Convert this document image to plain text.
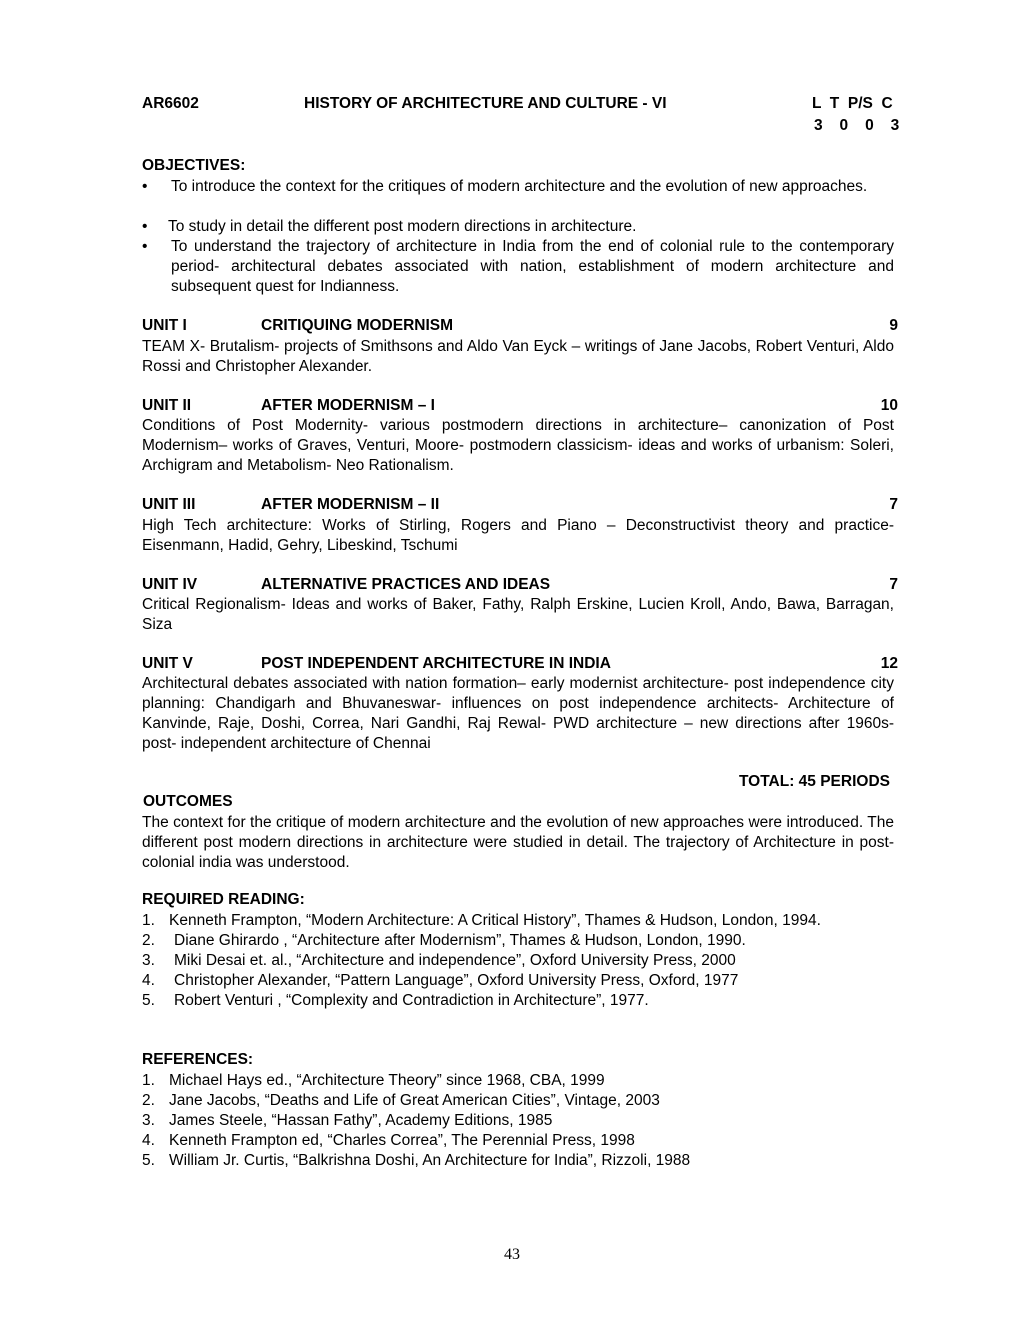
AR6602	HISTORY OF ARCHITECTURE AND CULTURE - VI	L  T  P/S  C
3   0   0   3
OBJECTIVES:
• To introduce the context for the critiques of modern architecture and the evolution of new approaches.
• To study in detail the different post modern directions in architecture.
• To understand the trajectory of architecture in India from the end of colonial rule to the contemporary period- architectural debates associated with nation, establishment of modern architecture and subsequent quest for Indianness.
UNIT I	CRITIQUING MODERNISM	9
TEAM X- Brutalism- projects of Smithsons and Aldo Van Eyck – writings of Jane Jacobs, Robert Venturi, Aldo Rossi and Christopher Alexander.
UNIT II	AFTER MODERNISM – I	10
Conditions of Post Modernity- various postmodern directions in architecture– canonization of Post Modernism– works of Graves, Venturi, Moore- postmodern classicism- ideas and works of urbanism: Soleri, Archigram and Metabolism- Neo Rationalism.
UNIT III	AFTER MODERNISM – II	7
High Tech architecture: Works of Stirling, Rogers and Piano – Deconstructivist theory and practice- Eisenmann, Hadid, Gehry, Libeskind, Tschumi
UNIT IV	ALTERNATIVE PRACTICES AND IDEAS	7
Critical Regionalism- Ideas and works of Baker, Fathy, Ralph Erskine, Lucien Kroll, Ando, Bawa, Barragan, Siza
UNIT V	POST INDEPENDENT ARCHITECTURE IN INDIA	12
Architectural debates associated with nation formation– early modernist architecture- post independence city planning: Chandigarh and Bhuvaneswar- influences on post independence architects- Architecture of Kanvinde, Raje, Doshi, Correa, Nari Gandhi, Raj Rewal- PWD architecture – new directions after 1960s- post- independent architecture of Chennai
TOTAL: 45 PERIODS
OUTCOMES
The context for the critique of modern architecture and the evolution of new approaches were introduced. The different post modern directions in architecture were studied in detail. The trajectory of Architecture in post-colonial india was understood.
REQUIRED READING:
1. Kenneth Frampton, “Modern Architecture: A Critical History”, Thames & Hudson, London, 1994.
2. Diane Ghirardo , “Architecture after Modernism”, Thames & Hudson, London, 1990.
3. Miki Desai et. al., “Architecture and independence”, Oxford University Press, 2000
4. Christopher Alexander, “Pattern Language”, Oxford University Press, Oxford, 1977
5. Robert Venturi , “Complexity and Contradiction in Architecture”, 1977.
REFERENCES:
1. Michael Hays ed., “Architecture Theory” since 1968, CBA, 1999
2. Jane Jacobs, “Deaths and Life of Great American Cities”, Vintage, 2003
3. James Steele, “Hassan Fathy”, Academy Editions, 1985
4. Kenneth Frampton ed, “Charles Correa”, The Perennial Press, 1998
5. William Jr. Curtis, “Balkrishna Doshi, An Architecture for India”, Rizzoli, 1988
43
